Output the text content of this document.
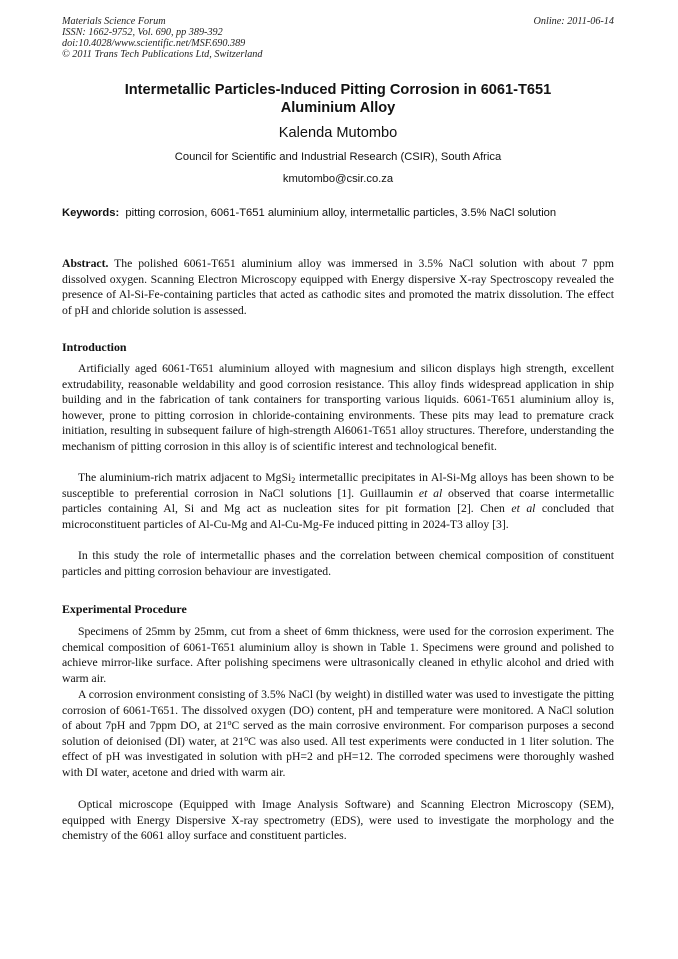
Materials Science Forum
ISSN: 1662-9752, Vol. 690, pp 389-392
doi:10.4028/www.scientific.net/MSF.690.389
© 2011 Trans Tech Publications Ltd, Switzerland
Online: 2011-06-14
Intermetallic Particles-Induced Pitting Corrosion in 6061-T651
Aluminium Alloy
Kalenda Mutombo
Council for Scientific and Industrial Research (CSIR), South Africa
kmutombo@csir.co.za
Keywords: pitting corrosion, 6061-T651 aluminium alloy, intermetallic particles, 3.5% NaCl solution
Abstract. The polished 6061-T651 aluminium alloy was immersed in 3.5% NaCl solution with about 7 ppm dissolved oxygen. Scanning Electron Microscopy equipped with Energy dispersive X-ray Spectroscopy revealed the presence of Al-Si-Fe-containing particles that acted as cathodic sites and promoted the matrix dissolution. The effect of pH and chloride solution is assessed.
Introduction

Artificially aged 6061-T651 aluminium alloyed with magnesium and silicon displays high strength, excellent extrudability, reasonable weldability and good corrosion resistance. This alloy finds widespread application in ship building and in the fabrication of tank containers for transporting various liquids. 6061-T651 aluminium alloy is, however, prone to pitting corrosion in chloride-containing environments. These pits may lead to premature crack initiation, resulting in subsequent failure of high-strength Al6061-T651 alloy structures. Therefore, understanding the mechanism of pitting corrosion in this alloy is of scientific interest and technological benefit.

The aluminium-rich matrix adjacent to MgSi$_2$ intermetallic precipitates in Al-Si-Mg alloys has been shown to be susceptible to preferential corrosion in NaCl solutions [1]. Guillaumin et al observed that coarse intermetallic particles containing Al, Si and Mg act as nucleation sites for pit formation [2]. Chen et al concluded that microconstituent particles of Al-Cu-Mg and Al-Cu-Mg-Fe induced pitting in 2024-T3 alloy [3].

In this study the role of intermetallic phases and the correlation between chemical composition of constituent particles and pitting corrosion behaviour are investigated.

Experimental Procedure

Specimens of 25mm by 25mm, cut from a sheet of 6mm thickness, were used for the corrosion experiment. The chemical composition of 6061-T651 aluminium alloy is shown in Table 1. Specimens were ground and polished to achieve mirror-like surface. After polishing specimens were ultrasonically cleaned in ethylic alcohol and dried with warm air.

A corrosion environment consisting of 3.5% NaCl (by weight) in distilled water was used to investigate the pitting corrosion of 6061-T651. The dissolved oxygen (DO) content, pH and temperature were monitored. A NaCl solution of about 7pH and 7ppm DO, at 21$^o$C served as the main corrosive environment. For comparison purposes a second solution of deionised (DI) water, at 21$^o$C was also used. All test experiments were conducted in 1 liter solution. The effect of pH was investigated in solution with pH=2 and pH=12. The corroded specimens were thoroughly washed with DI water, acetone and dried with warm air.

Optical microscope (Equipped with Image Analysis Software) and Scanning Electron Microscopy (SEM), equipped with Energy Dispersive X-ray spectrometry (EDS), were used to investigate the morphology and the chemistry of the 6061 alloy surface and constituent particles.
